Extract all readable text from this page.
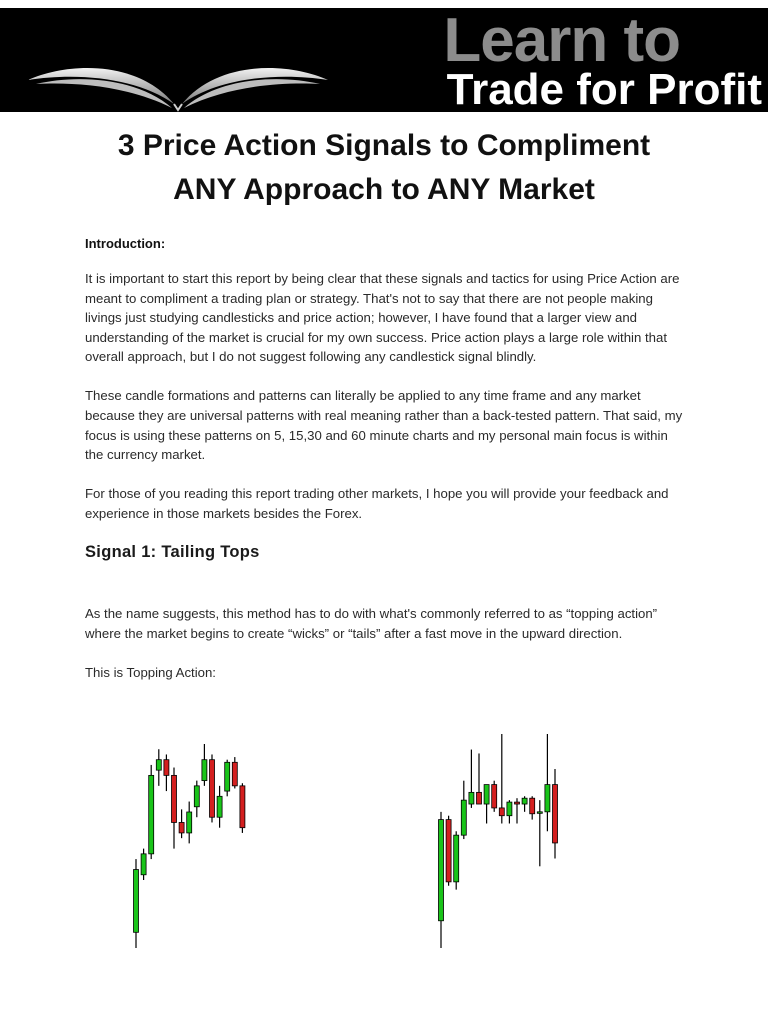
Learn to
Trade for Profit
3 Price Action Signals to Compliment
ANY Approach to ANY Market
Introduction:

It is important to start this report by being clear that these signals and tactics for using Price Action are meant to compliment a trading plan or strategy. That's not to say that there are not people making livings just studying candlesticks and price action; however, I have found that a larger view and understanding of the market is crucial for my own success. Price action plays a large role within that overall approach, but I do not suggest following any candlestick signal blindly.

These candle formations and patterns can literally be applied to any time frame and any market because they are universal patterns with real meaning rather than a back-tested pattern. That said, my focus is using these patterns on 5, 15,30 and 60 minute charts and my personal main focus is within the currency market.

For those of you reading this report trading other markets, I hope you will provide your feedback and experience in those markets besides the Forex.

Signal 1: Tailing Tops

As the name suggests, this method has to do with what's commonly referred to as “topping action” where the market begins to create “wicks” or “tails” after a fast move in the upward direction.

This is Topping Action:
